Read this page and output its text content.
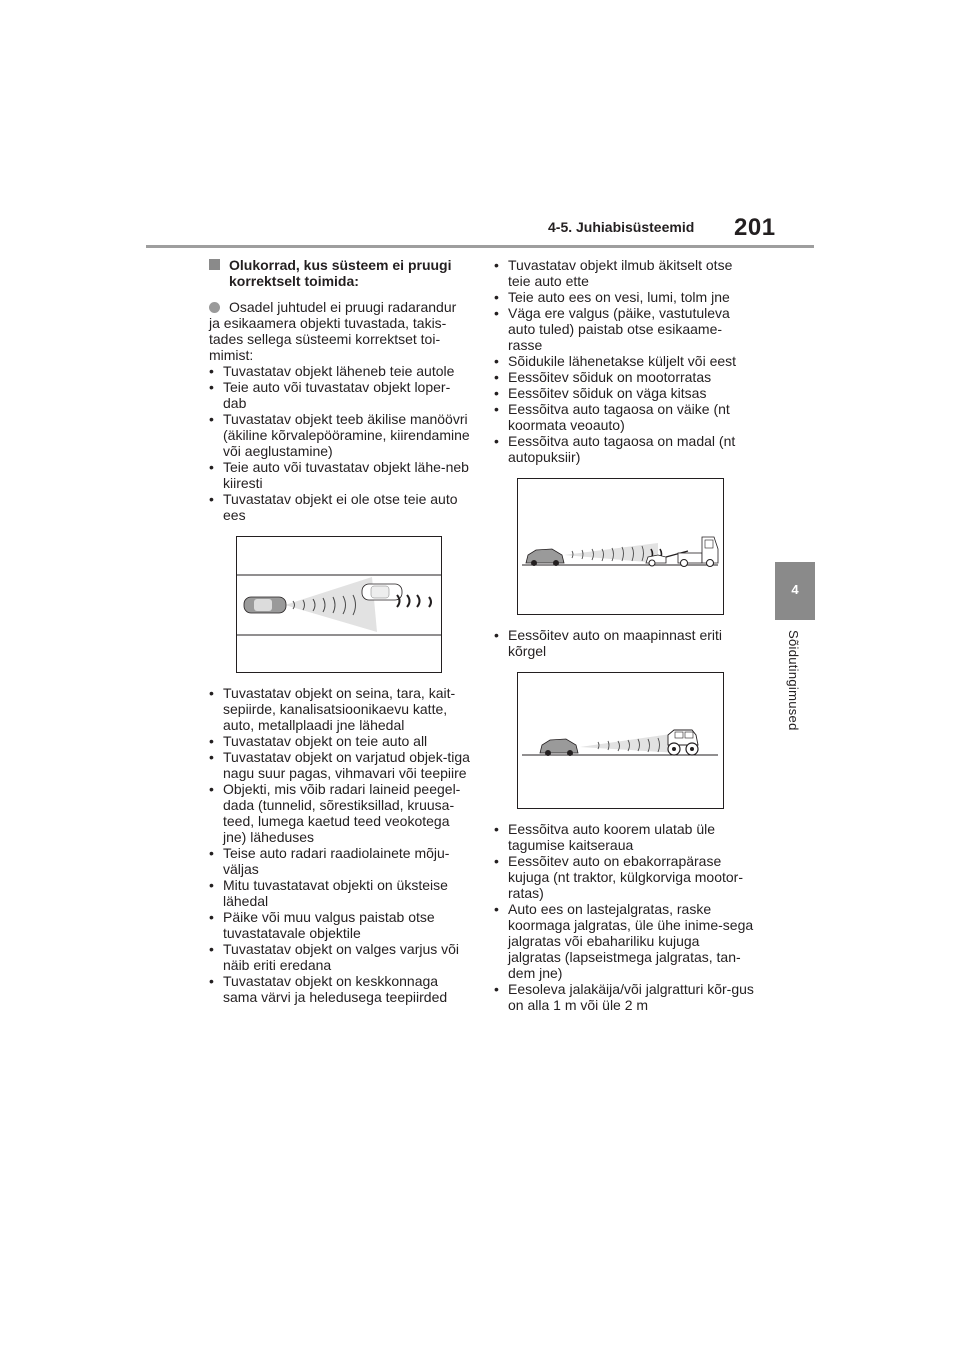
4-5. Juhiabisüsteemid 201
4
Sõidutingimused
Olukorrad, kus süsteem ei pruugi korrektselt toimida:

Osadel juhtudel ei pruugi radarandur ja esikaamera objekti tuvastada, takis-tades sellega süsteemi korrektset toi-mimist:

• Tuvastatav objekt läheneb teie autole
• Teie auto või tuvastatav objekt loper-dab
• Tuvastatav objekt teeb äkilise manöövri (äkiline kõrvalepööramine, kiirendamine või aeglustamine)
• Teie auto või tuvastatav objekt lähe-neb kiiresti
• Tuvastatav objekt ei ole otse teie auto ees
• Tuvastatav objekt on seina, tara, kait-sepiirde, kanalisatsioonikaevu katte, auto, metallplaadi jne lähedal
• Tuvastatav objekt on teie auto all
• Tuvastatav objekt on varjatud objek-tiga nagu suur pagas, vihmavari või teepiire
• Objekti, mis võib radari laineid peegel-dada (tunnelid, sõrestiksillad, kruusa-teed, lumega kaetud teed veokotega jne) läheduses
• Teise auto radari raadiolainete mõju-väljas
• Mitu tuvastatavat objekti on üksteise lähedal
• Päike või muu valgus paistab otse tuvastatavale objektile
• Tuvastatav objekt on valges varjus või näib eriti eredana
• Tuvastatav objekt on keskkonnaga sama värvi ja heledusega teepiirded
• Tuvastatav objekt ilmub äkitselt otse teie auto ette
• Teie auto ees on vesi, lumi, tolm jne
• Väga ere valgus (päike, vastutuleva auto tuled) paistab otse esikaame-rasse
• Sõidukile lähenetakse küljelt või eest
• Eessõitev sõiduk on mootorratas
• Eessõitev sõiduk on väga kitsas
• Eessõitva auto tagaosa on väike (nt koormata veoauto)
• Eessõitva auto tagaosa on madal (nt autopuksiir)
• Eessõitev auto on maapinnast eriti kõrgel
• Eessõitva auto koorem ulatab üle tagumise kaitseraua
• Eessõitev auto on ebakorrapärase kujuga (nt traktor, külgkorviga mootor-ratas)
• Auto ees on lastejalgratas, raske koormaga jalgratas, üle ühe inime-sega jalgratas või ebahariliku kujuga jalgratas (lapseistmega jalgratas, tan-dem jne)
• Eesoleva jalakäija/või jalgratturi kõr-gus on alla 1 m või üle 2 m
